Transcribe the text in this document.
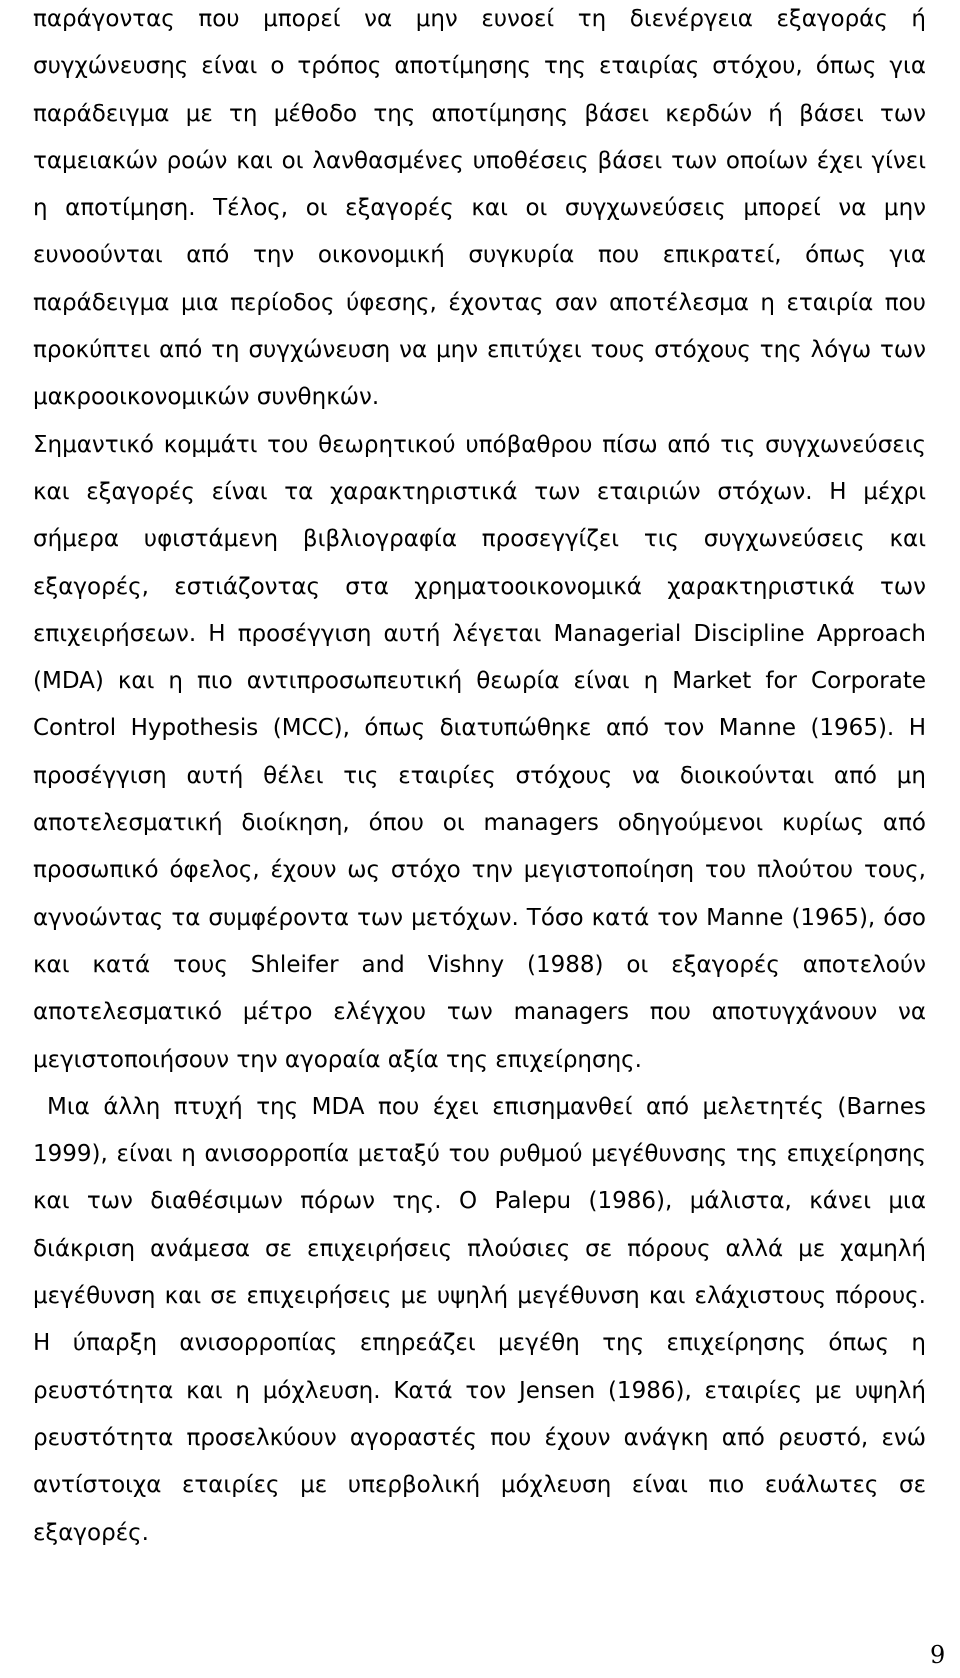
παράγοντας που μπορεί να μην ευνοεί τη διενέργεια εξαγοράς ή συγχώνευσης είναι ο τρόπος αποτίμησης της εταιρίας στόχου, όπως για παράδειγμα με τη μέθοδο της αποτίμησης βάσει κερδών ή βάσει των ταμειακών ροών και οι λανθασμένες υποθέσεις βάσει των οποίων έχει γίνει η αποτίμηση. Τέλος, οι εξαγορές και οι συγχωνεύσεις μπορεί να μην ευνοούνται από την οικονομική συγκυρία που επικρατεί, όπως για παράδειγμα μια περίοδος ύφεσης, έχοντας σαν αποτέλεσμα η εταιρία που προκύπτει από τη συγχώνευση να μην επιτύχει τους στόχους της λόγω των μακροοικονομικών συνθηκών.

Σημαντικό κομμάτι του θεωρητικού υπόβαθρου πίσω από τις συγχωνεύσεις και εξαγορές είναι τα χαρακτηριστικά των εταιριών στόχων. Η μέχρι σήμερα υφιστάμενη βιβλιογραφία προσεγγίζει τις συγχωνεύσεις και εξαγορές, εστιάζοντας στα χρηματοοικονομικά χαρακτηριστικά των επιχειρήσεων. Η προσέγγιση αυτή λέγεται Managerial Discipline Approach (MDA) και η πιο αντιπροσωπευτική θεωρία είναι η Market for Corporate Control Hypothesis (MCC), όπως διατυπώθηκε από τον Manne (1965). Η προσέγγιση αυτή θέλει τις εταιρίες στόχους να διοικούνται από μη αποτελεσματική διοίκηση, όπου οι managers οδηγούμενοι κυρίως από προσωπικό όφελος, έχουν ως στόχο την μεγιστοποίηση του πλούτου τους, αγνοώντας τα συμφέροντα των μετόχων. Τόσο κατά τον Manne (1965), όσο και κατά τους Shleifer and Vishny (1988) οι εξαγορές αποτελούν αποτελεσματικό μέτρο ελέγχου των managers που αποτυγχάνουν να μεγιστοποιήσουν την αγοραία αξία της επιχείρησης.

Μια άλλη πτυχή της MDA που έχει επισημανθεί από μελετητές (Barnes 1999), είναι η ανισορροπία μεταξύ του ρυθμού μεγέθυνσης της επιχείρησης και των διαθέσιμων πόρων της. Ο Palepu (1986), μάλιστα, κάνει μια διάκριση ανάμεσα σε επιχειρήσεις πλούσιες σε πόρους αλλά με χαμηλή μεγέθυνση και σε επιχειρήσεις με υψηλή μεγέθυνση και ελάχιστους πόρους. Η ύπαρξη ανισορροπίας επηρεάζει μεγέθη της επιχείρησης όπως η ρευστότητα και η μόχλευση. Κατά τον Jensen (1986), εταιρίες με υψηλή ρευστότητα προσελκύουν αγοραστές που έχουν ανάγκη από ρευστό, ενώ αντίστοιχα εταιρίες με υπερβολική μόχλευση είναι πιο ευάλωτες σε εξαγορές.

9
